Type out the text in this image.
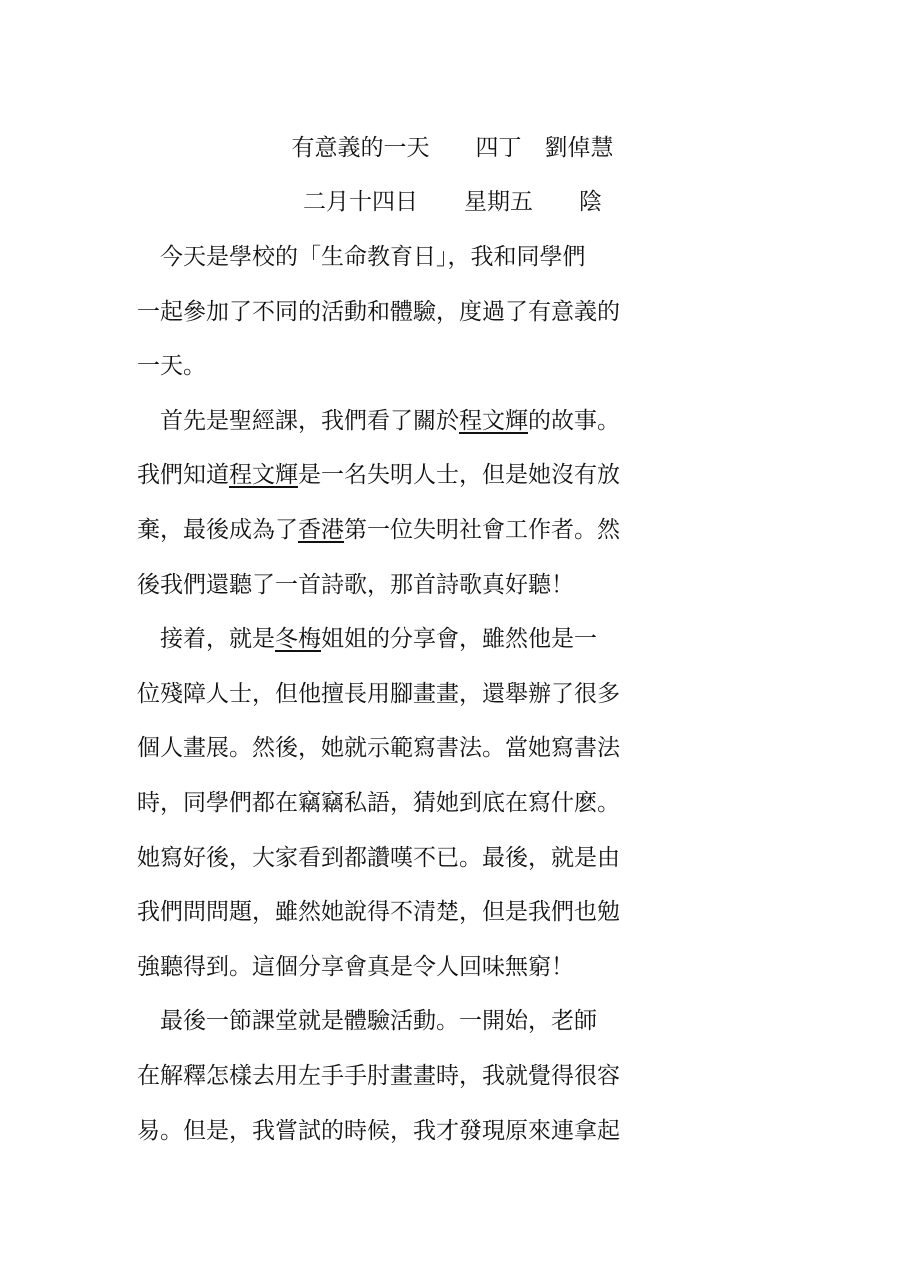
有意義的一天　　四丁　劉倬慧
二月十四日　　星期五　　陰
　今天是學校的「生命教育日」，我和同學們
一起參加了不同的活動和體驗，度過了有意義的
一天。
　首先是聖經課，我們看了關於程文輝的故事。
我們知道程文輝是一名失明人士，但是她沒有放
棄，最後成為了香港第一位失明社會工作者。然
後我們還聽了一首詩歌，那首詩歌真好聽！
　接着，就是冬梅姐姐的分享會，雖然他是一
位殘障人士，但他擅長用腳畫畫，還舉辦了很多
個人畫展。然後，她就示範寫書法。當她寫書法
時，同學們都在竊竊私語，猜她到底在寫什麽。
她寫好後，大家看到都讚嘆不已。最後，就是由
我們問問題，雖然她說得不清楚，但是我們也勉
強聽得到。這個分享會真是令人回味無窮！
　最後一節課堂就是體驗活動。一開始，老師
在解釋怎樣去用左手手肘畫畫時，我就覺得很容
易。但是，我嘗試的時候，我才發現原來連拿起
